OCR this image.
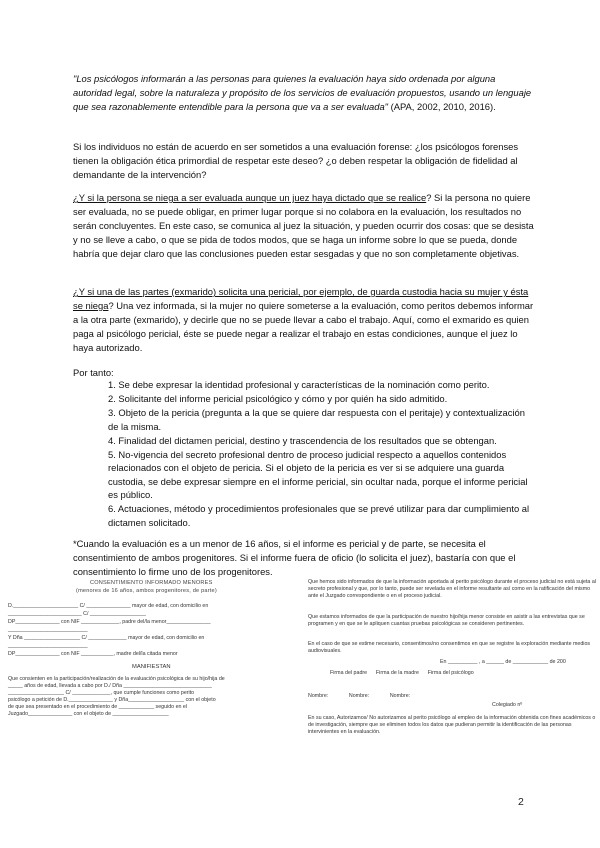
"Los psicólogos informarán a las personas para quienes la evaluación haya sido ordenada por alguna autoridad legal, sobre la naturaleza y propósito de los servicios de evaluación propuestos, usando un lenguaje que sea razonablemente entendible para la persona que va a ser evaluada" (APA, 2002, 2010, 2016).

Si los individuos no están de acuerdo en ser sometidos a una evaluación forense: ¿los psicólogos forenses tienen la obligación ética primordial de respetar este deseo? ¿o deben respetar la obligación de fidelidad al demandante de la intervención?

¿Y si la persona se niega a ser evaluada aunque un juez haya dictado que se realice? Si la persona no quiere ser evaluada, no se puede obligar, en primer lugar porque si no colabora en la evaluación, los resultados no serán concluyentes. En este caso, se comunica al juez la situación, y pueden ocurrir dos cosas: que se desista y no se lleve a cabo, o que se pida de todos modos, que se haga un informe sobre lo que se pueda, donde habría que dejar claro que las conclusiones pueden estar sesgadas y que no son completamente objetivas.

¿Y si una de las partes (exmarido) solicita una pericial, por ejemplo, de guarda custodia hacia su mujer y ésta se niega? Una vez informada, si la mujer no quiere someterse a la evaluación, como peritos debemos informar a la otra parte (exmarido), y decirle que no se puede llevar a cabo el trabajo. Aquí, como el exmarido es quien paga al psicólogo pericial, éste se puede negar a realizar el trabajo en estas condiciones, aunque el juez lo haya autorizado.

Por tanto:

1. Se debe expresar la identidad profesional y características de la nominación como perito.
2. Solicitante del informe pericial psicológico y cómo y por quién ha sido admitido.
3. Objeto de la pericia (pregunta a la que se quiere dar respuesta con el peritaje) y contextualización de la misma.
4. Finalidad del dictamen pericial, destino y trascendencia de los resultados que se obtengan.
5. No-vigencia del secreto profesional dentro de proceso judicial respecto a aquellos contenidos relacionados con el objeto de pericia. Si el objeto de la pericia es ver si se adquiere una guarda custodia, se debe expresar siempre en el informe pericial, sin ocultar nada, porque el informe pericial es público.
6. Actuaciones, método y procedimientos profesionales que se prevé utilizar para dar cumplimiento al dictamen solicitado.

*Cuando la evaluación es a un menor de 16 años, si el informe es pericial y de parte, se necesita el consentimiento de ambos progenitores. Si el informe fuera de oficio (lo solicita el juez), bastaría con que el consentimiento lo firme uno de los progenitores.

CONSENTIMIENTO INFORMADO MENORES
(menores de 16 años, ambos progenitores, de parte)
D.______________________ C/ _______________ mayor de edad, con domicilio en
_________________________ C/ ___________________
DP_______________ con NIF _____________, padre del/la menor_______________
___________________________
Y Dña ___________________ C/ _____________ mayor de edad, con domicilio en
___________________________
DP_______________ con NIF ___________, madre del/la citada menor
MANIFIESTAN
Que consienten en la participación/realización de la evaluación psicológica de su hijo/hija de
_____ años de edad, llevada a cabo por D./ Dña ______________________________
___________________ C/ _____________, que cumple funciones como perito
psicólogo a petición de D._______________ y Dña___________________ con el objeto
de que sea presentado en el procedimiento de ____________ seguido en el
Juzgado_______________ con el objeto de ___________________
Que hemos sido informados de que la información aportada al perito psicólogo durante el proceso judicial no está sujeta al secreto profesional y que, por lo tanto, puede ser revelada en el informe resultante así como en la ratificación del mismo ante el Juzgado correspondiente o en el proceso judicial.
Que estamos informados de que la participación de nuestro hijo/hija menor consiste en asistir a las entrevistas que se programen y en que se le apliquen cuantas pruebas psicológicas se consideren pertinentes.
En el caso de que se estime necesario, consentimos/no consentimos en que se registre la exploración mediante medios audiovisuales.
En __________ , a ______ de ____________ de 200
Firma del padre      Firma de la madre      Firma del psicólogo
Nombre:              Nombre:              Nombre:
Colegiado nº
En su caso, Autorizamos/ No autorizamos al perito psicólogo al empleo de la información obtenida con fines académicos o de investigación, siempre que se eliminen todos los datos que pudieran permitir la identificación de las personas intervinientes en la evaluación.
2
